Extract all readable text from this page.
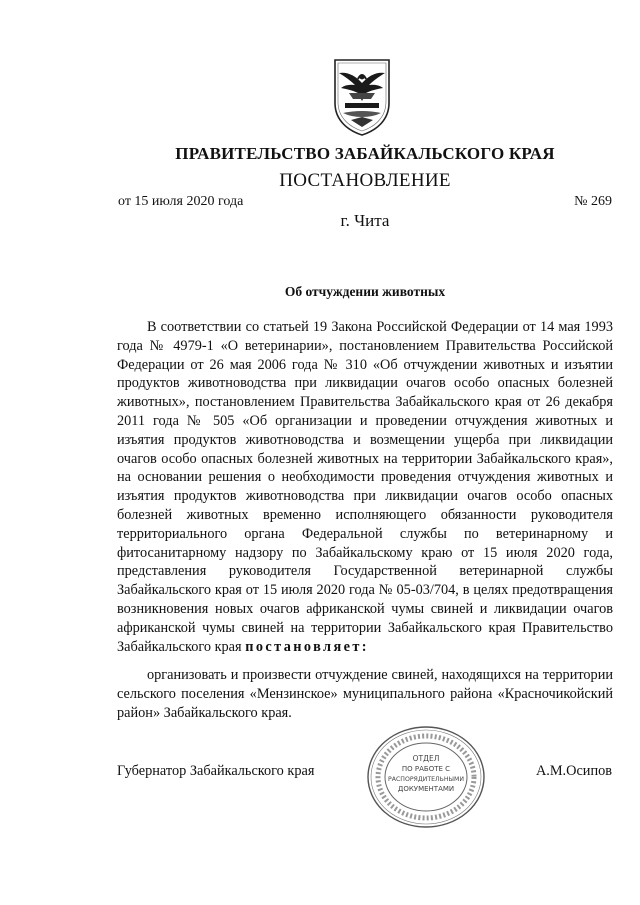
ПРАВИТЕЛЬСТВО ЗАБАЙКАЛЬСКОГО КРАЯ
ПОСТАНОВЛЕНИЕ
от 15 июля 2020 года	№ 269
г. Чита
Об отчуждении животных

В соответствии со статьей 19 Закона Российской Федерации от 14 мая 1993 года № 4979-1 «О ветеринарии», постановлением Правительства Российской Федерации от 26 мая 2006 года № 310 «Об отчуждении животных и изъятии продуктов животноводства при ликвидации очагов особо опасных болезней животных», постановлением Правительства Забайкальского края от 26 декабря 2011 года № 505 «Об организации и проведении отчуждения животных и изъятия продуктов животноводства и возмещении ущерба при ликвидации очагов особо опасных болезней животных на территории Забайкальского края», на основании решения о необходимости проведения отчуждения животных и изъятия продуктов животноводства при ликвидации очагов особо опасных болезней животных временно исполняющего обязанности руководителя территориального органа Федеральной службы по ветеринарному и фитосанитарному надзору по Забайкальскому краю от 15 июля 2020 года, представления руководителя Государственной ветеринарной службы Забайкальского края от 15 июля 2020 года № 05-03/704, в целях предотвращения возникновения новых очагов африканской чумы свиней и ликвидации очагов африканской чумы свиней на территории Забайкальского края Правительство Забайкальского края постановляет:

организовать и произвести отчуждение свиней, находящихся на территории сельского поселения «Мензинское» муниципального района «Красночикойский район» Забайкальского края.

Губернатор Забайкальского края	А.М.Осипов
ОТДЕЛ
ПО РАБОТЕ С
РАСПОРЯДИТЕЛЬНЫМИ
ДОКУМЕНТАМИ
